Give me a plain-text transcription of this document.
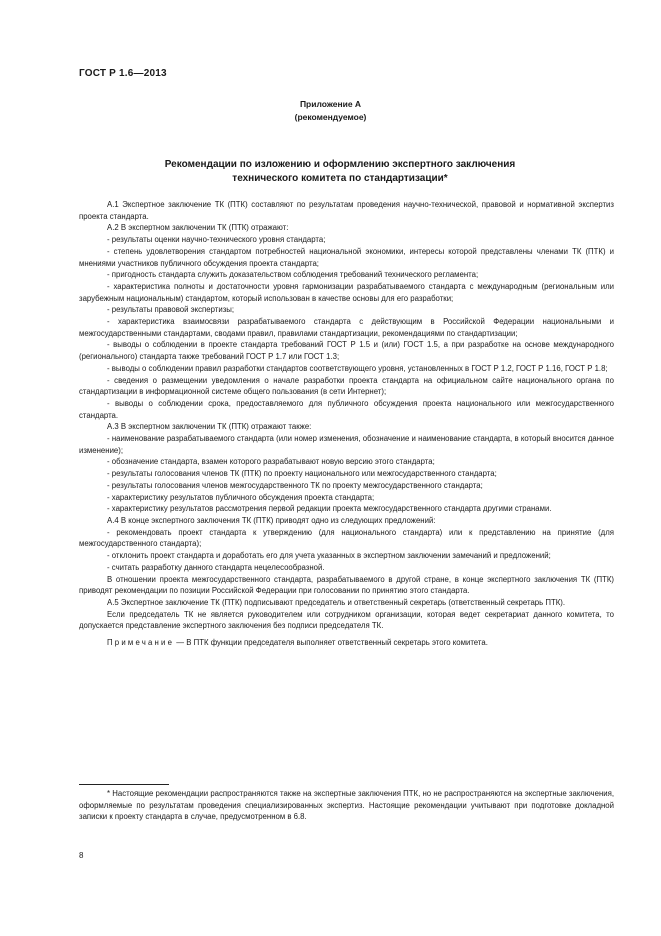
ГОСТ Р 1.6—2013
Приложение А
(рекомендуемое)
Рекомендации по изложению и оформлению экспертного заключения
технического комитета по стандартизации*

А.1 Экспертное заключение ТК (ПТК) составляют по результатам проведения научно-технической, правовой и нормативной экспертиз проекта стандарта.

А.2 В экспертном заключении ТК (ПТК) отражают:

- результаты оценки научно-технического уровня стандарта;

- степень удовлетворения стандартом потребностей национальной экономики, интересы которой представлены членами ТК (ПТК) и мнениями участников публичного обсуждения проекта стандарта;

- пригодность стандарта служить доказательством соблюдения требований технического регламента;

- характеристика полноты и достаточности уровня гармонизации разрабатываемого стандарта с международным (региональным или зарубежным национальным) стандартом, который использован в качестве основы для его разработки;

- результаты правовой экспертизы;

- характеристика взаимосвязи разрабатываемого стандарта с действующим в Российской Федерации национальными и межгосударственными стандартами, сводами правил, правилами стандартизации, рекомендациями по стандартизации;

- выводы о соблюдении в проекте стандарта требований ГОСТ Р 1.5 и (или) ГОСТ 1.5, а при разработке на основе международного (регионального) стандарта также требований ГОСТ Р 1.7 или ГОСТ 1.3;

- выводы о соблюдении правил разработки стандартов соответствующего уровня, установленных в ГОСТ Р 1.2, ГОСТ Р 1.16, ГОСТ Р 1.8;

- сведения о размещении уведомления о начале разработки проекта стандарта на официальном сайте национального органа по стандартизации в информационной системе общего пользования (в сети Интернет);

- выводы о соблюдении срока, предоставляемого для публичного обсуждения проекта национального или межгосударственного стандарта.

А.3 В экспертном заключении ТК (ПТК) отражают также:

- наименование разрабатываемого стандарта (или номер изменения, обозначение и наименование стандарта, в который вносится данное изменение);

- обозначение стандарта, взамен которого разрабатывают новую версию этого стандарта;

- результаты голосования членов ТК (ПТК) по проекту национального или межгосударственного стандарта;

- результаты голосования членов межгосударственного ТК по проекту межгосударственного стандарта;

- характеристику результатов публичного обсуждения проекта стандарта;

- характеристику результатов рассмотрения первой редакции проекта межгосударственного стандарта другими странами.

А.4 В конце экспертного заключения ТК (ПТК) приводят одно из следующих предложений:

- рекомендовать проект стандарта к утверждению (для национального стандарта) или к представлению на принятие (для межгосударственного стандарта);

- отклонить проект стандарта и доработать его для учета указанных в экспертном заключении замечаний и предложений;

- считать разработку данного стандарта нецелесообразной.

В отношении проекта межгосударственного стандарта, разрабатываемого в другой стране, в конце экспертного заключения ТК (ПТК) приводят рекомендации по позиции Российской Федерации при голосовании по принятию этого стандарта.

А.5 Экспертное заключение ТК (ПТК) подписывают председатель и ответственный секретарь (ответственный секретарь ПТК).

Если председатель ТК не является руководителем или сотрудником организации, которая ведет секретариат данного комитета, то допускается представление экспертного заключения без подписи председателя ТК.

Примечание — В ПТК функции председателя выполняет ответственный секретарь этого комитета.

* Настоящие рекомендации распространяются также на экспертные заключения ПТК, но не распространяются на экспертные заключения, оформляемые по результатам проведения специализированных экспертиз. Настоящие рекомендации учитывают при подготовке докладной записки к проекту стандарта в случае, предусмотренном в 6.8.

8
